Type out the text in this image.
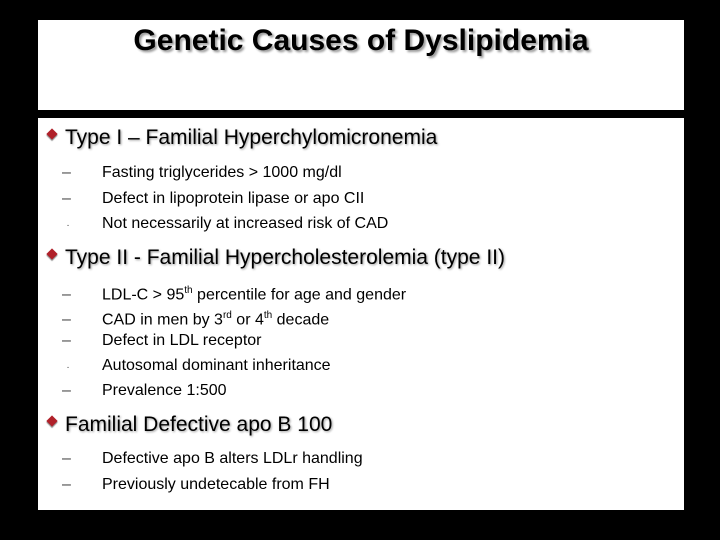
Genetic Causes of Dyslipidemia
Type I – Familial Hyperchylomicronemia
– Fasting triglycerides > 1000 mg/dl
– Defect in lipoprotein lipase or apo CII
· Not necessarily at increased risk of CAD
Type II - Familial Hypercholesterolemia (type II)
– LDL-C > 95th percentile for age and gender
– CAD in men by 3rd or 4th decade
– Defect in LDL receptor
· Autosomal dominant inheritance
– Prevalence 1:500
Familial Defective apo B 100
– Defective apo B alters LDLr handling
– Previously undetecable from FH
